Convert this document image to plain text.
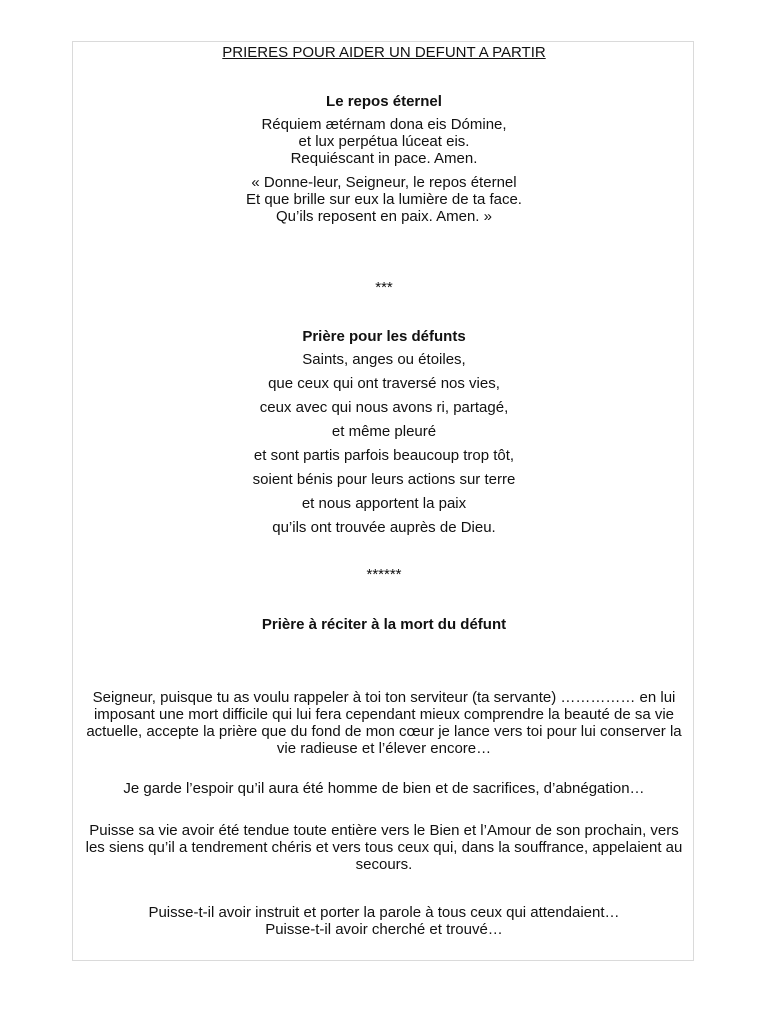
PRIERES POUR AIDER UN DEFUNT A PARTIR
Le repos éternel
Réquiem ætérnam dona eis Dómine,
et lux perpétua lúceat eis.
Requiéscant in pace. Amen.
« Donne-leur, Seigneur, le repos éternel
Et que brille sur eux la lumière de ta face.
Qu’ils reposent en paix. Amen. »
***
Prière pour les défunts
Saints, anges ou étoiles,
que ceux qui ont traversé nos vies,
ceux avec qui nous avons ri, partagé,
et même pleuré
et sont partis parfois beaucoup trop tôt,
soient bénis pour leurs actions sur terre
et nous apportent la paix
qu’ils ont trouvée auprès de Dieu.
******
Prière à réciter à la mort du défunt
Seigneur, puisque tu as voulu rappeler à toi ton serviteur (ta servante) …………… en lui
imposant une mort difficile qui lui fera cependant mieux comprendre la beauté de sa vie
actuelle, accepte la prière que du fond de mon cœur je lance vers toi pour lui conserver la
vie radieuse et l’élever encore…
Je garde l’espoir qu’il aura été homme de bien et de sacrifices, d’abnégation…
Puisse sa vie avoir été tendue toute entière vers le Bien et l’Amour de son prochain, vers
les siens qu’il a tendrement chéris et vers tous ceux qui, dans la souffrance, appelaient au
secours.
Puisse-t-il avoir instruit et porter la parole à tous ceux qui attendaient…
Puisse-t-il avoir cherché et trouvé…
